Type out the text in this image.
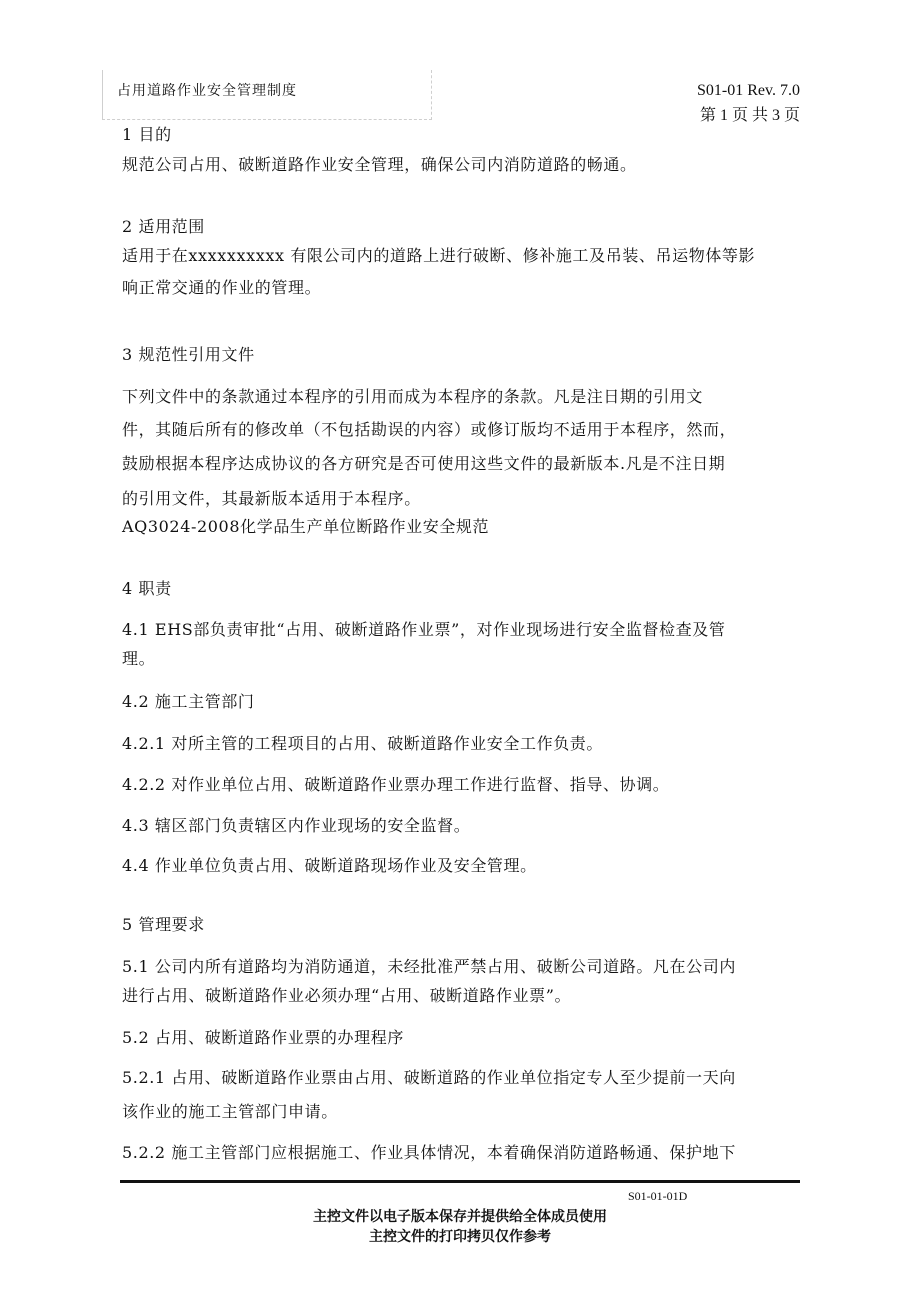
占用道路作业安全管理制度	S01-01 Rev. 7.0
第 1 页 共 3 页
1 目的
规范公司占用、破断道路作业安全管理，确保公司内消防道路的畅通。
2 适用范围
适用于在xxxxxxxxxx 有限公司内的道路上进行破断、修补施工及吊装、吊运物体等影
响正常交通的作业的管理。
3 规范性引用文件
下列文件中的条款通过本程序的引用而成为本程序的条款。凡是注日期的引用文
件，其随后所有的修改单（不包括勘误的内容）或修订版均不适用于本程序，然而，
鼓励根据本程序达成协议的各方研究是否可使用这些文件的最新版本.凡是不注日期
的引用文件，其最新版本适用于本程序。
AQ3024-2008化学品生产单位断路作业安全规范
4 职责
4.1 EHS部负责审批“占用、破断道路作业票”，对作业现场进行安全监督检查及管
理。
4.2 施工主管部门
4.2.1 对所主管的工程项目的占用、破断道路作业安全工作负责。
4.2.2 对作业单位占用、破断道路作业票办理工作进行监督、指导、协调。
4.3 辖区部门负责辖区内作业现场的安全监督。
4.4 作业单位负责占用、破断道路现场作业及安全管理。
5 管理要求
5.1 公司内所有道路均为消防通道，未经批准严禁占用、破断公司道路。凡在公司内
进行占用、破断道路作业必须办理“占用、破断道路作业票”。
5.2 占用、破断道路作业票的办理程序
5.2.1 占用、破断道路作业票由占用、破断道路的作业单位指定专人至少提前一天向
该作业的施工主管部门申请。
5.2.2 施工主管部门应根据施工、作业具体情况，本着确保消防道路畅通、保护地下
S01-01-01D
主控文件以电子版本保存并提供给全体成员使用
主控文件的打印拷贝仅作参考
